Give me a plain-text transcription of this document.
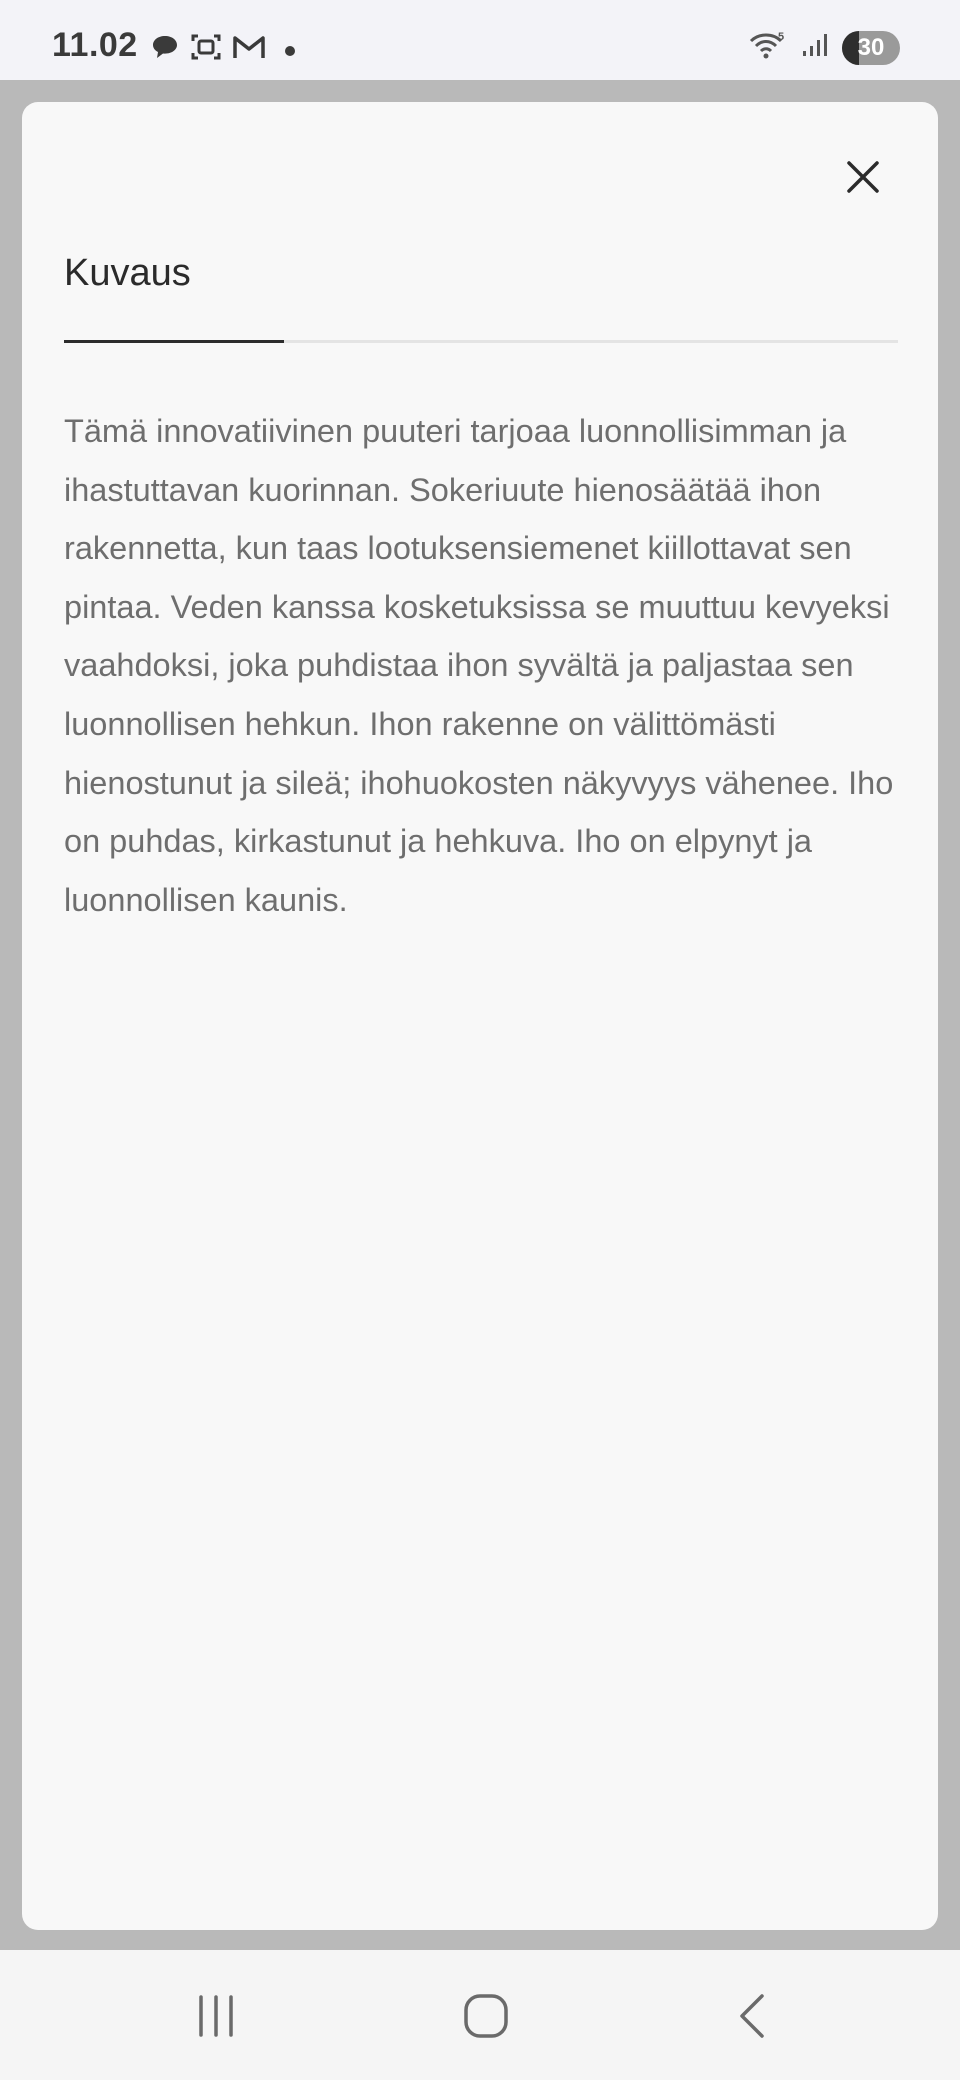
11.02	5	30
Kuvaus

Tämä innovatiivinen puuteri tarjoaa luonnollisimman ja ihastuttavan kuorinnan. Sokeriuute hienosäätää ihon rakennetta, kun taas lootuksensiemenet kiillottavat sen pintaa. Veden kanssa kosketuksissa se muuttuu kevyeksi vaahdoksi, joka puhdistaa ihon syvältä ja paljastaa sen luonnollisen hehkun. Ihon rakenne on välittömästi hienostunut ja sileä; ihohuokosten näkyvyys vähenee. Iho on puhdas, kirkastunut ja hehkuva. Iho on elpynyt ja luonnollisen kaunis.
